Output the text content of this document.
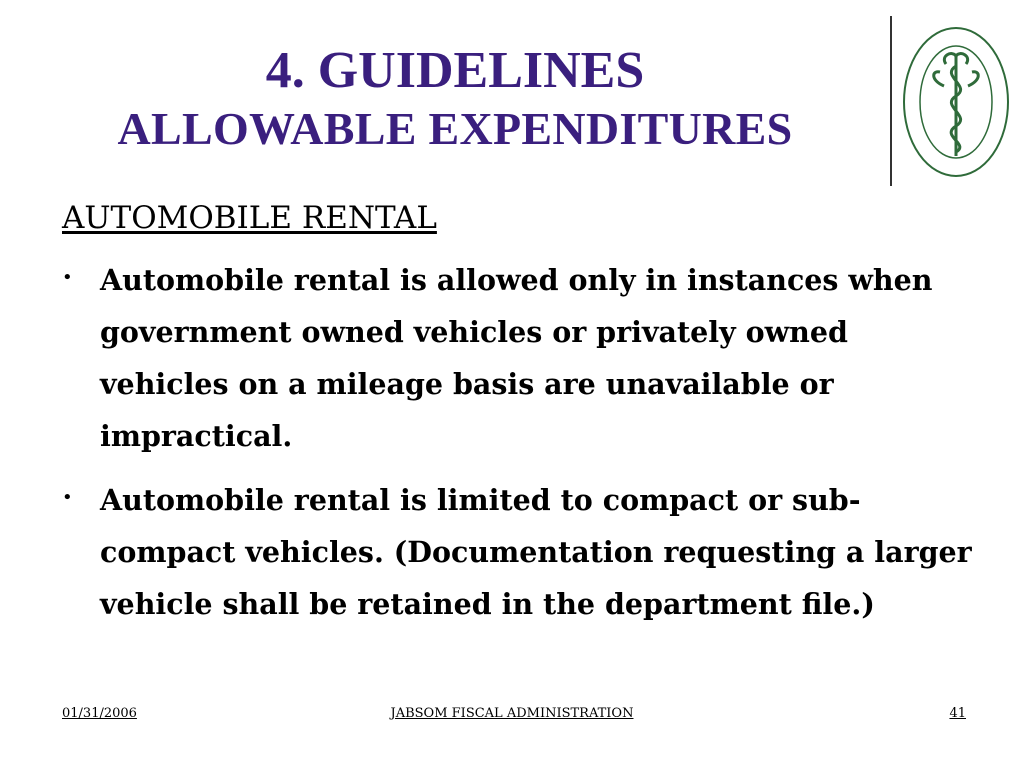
4. GUIDELINES
ALLOWABLE EXPENDITURES
AUTOMOBILE RENTAL
• Automobile rental is allowed only in instances when government owned vehicles or privately owned vehicles on a mileage basis are unavailable or impractical.
• Automobile rental is limited to compact or sub-compact vehicles. (Documentation requesting a larger vehicle shall be retained in the department file.)
01/31/2006	JABSOM FISCAL ADMINISTRATION	41
